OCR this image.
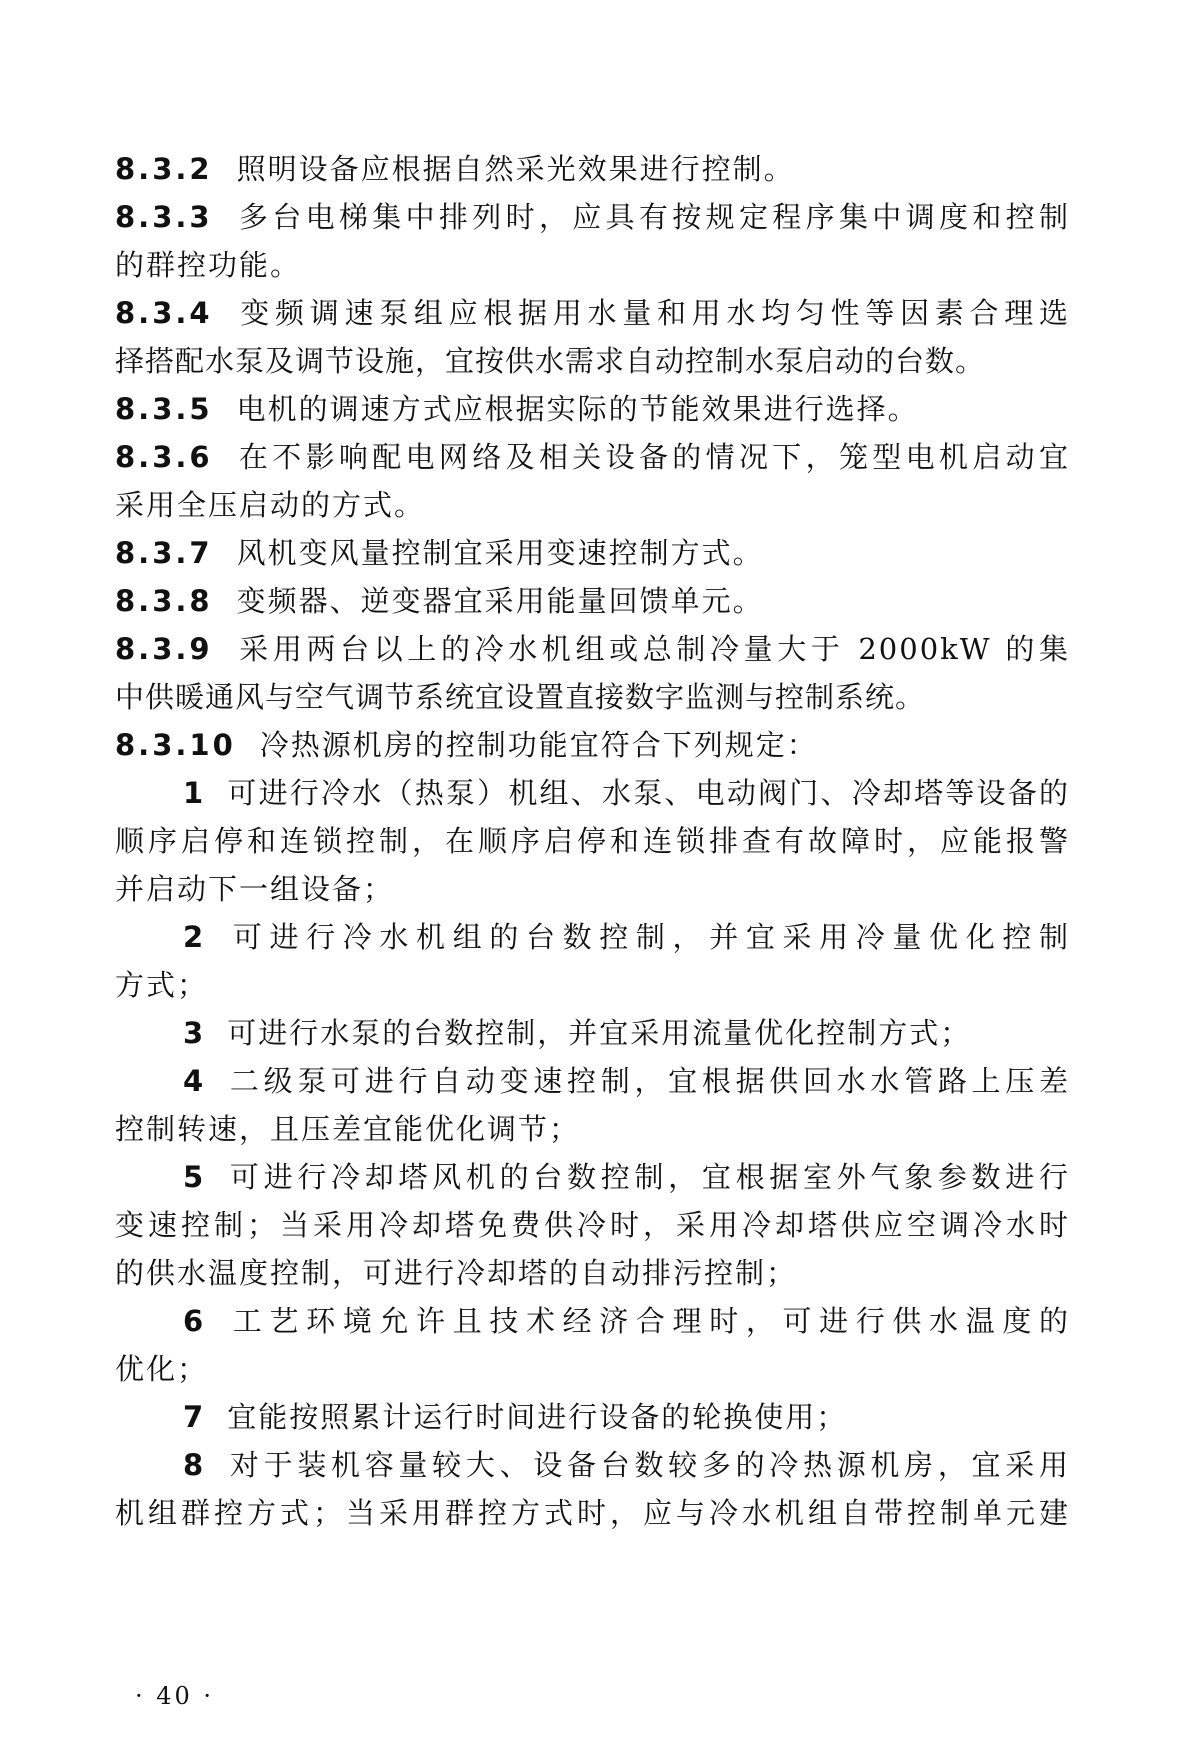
8.3.2 照明设备应根据自然采光效果进行控制。
8.3.3 多台电梯集中排列时，应具有按规定程序集中调度和控制
的群控功能。
8.3.4 变频调速泵组应根据用水量和用水均匀性等因素合理选
择搭配水泵及调节设施，宜按供水需求自动控制水泵启动的台数。
8.3.5 电机的调速方式应根据实际的节能效果进行选择。
8.3.6 在不影响配电网络及相关设备的情况下，笼型电机启动宜
采用全压启动的方式。
8.3.7 风机变风量控制宜采用变速控制方式。
8.3.8 变频器、逆变器宜采用能量回馈单元。
8.3.9 采用两台以上的冷水机组或总制冷量大于 2000kW 的集
中供暖通风与空气调节系统宜设置直接数字监测与控制系统。
8.3.10 冷热源机房的控制功能宜符合下列规定：
1 可进行冷水（热泵）机组、水泵、电动阀门、冷却塔等设备的
顺序启停和连锁控制，在顺序启停和连锁排查有故障时，应能报警
并启动下一组设备；
2 可进行冷水机组的台数控制，并宜采用冷量优化控制
方式；
3 可进行水泵的台数控制，并宜采用流量优化控制方式；
4 二级泵可进行自动变速控制，宜根据供回水水管路上压差
控制转速，且压差宜能优化调节；
5 可进行冷却塔风机的台数控制，宜根据室外气象参数进行
变速控制；当采用冷却塔免费供冷时，采用冷却塔供应空调冷水时
的供水温度控制，可进行冷却塔的自动排污控制；
6 工艺环境允许且技术经济合理时，可进行供水温度的
优化；
7 宜能按照累计运行时间进行设备的轮换使用；
8 对于装机容量较大、设备台数较多的冷热源机房，宜采用
机组群控方式；当采用群控方式时，应与冷水机组自带控制单元建
· 40 ·
